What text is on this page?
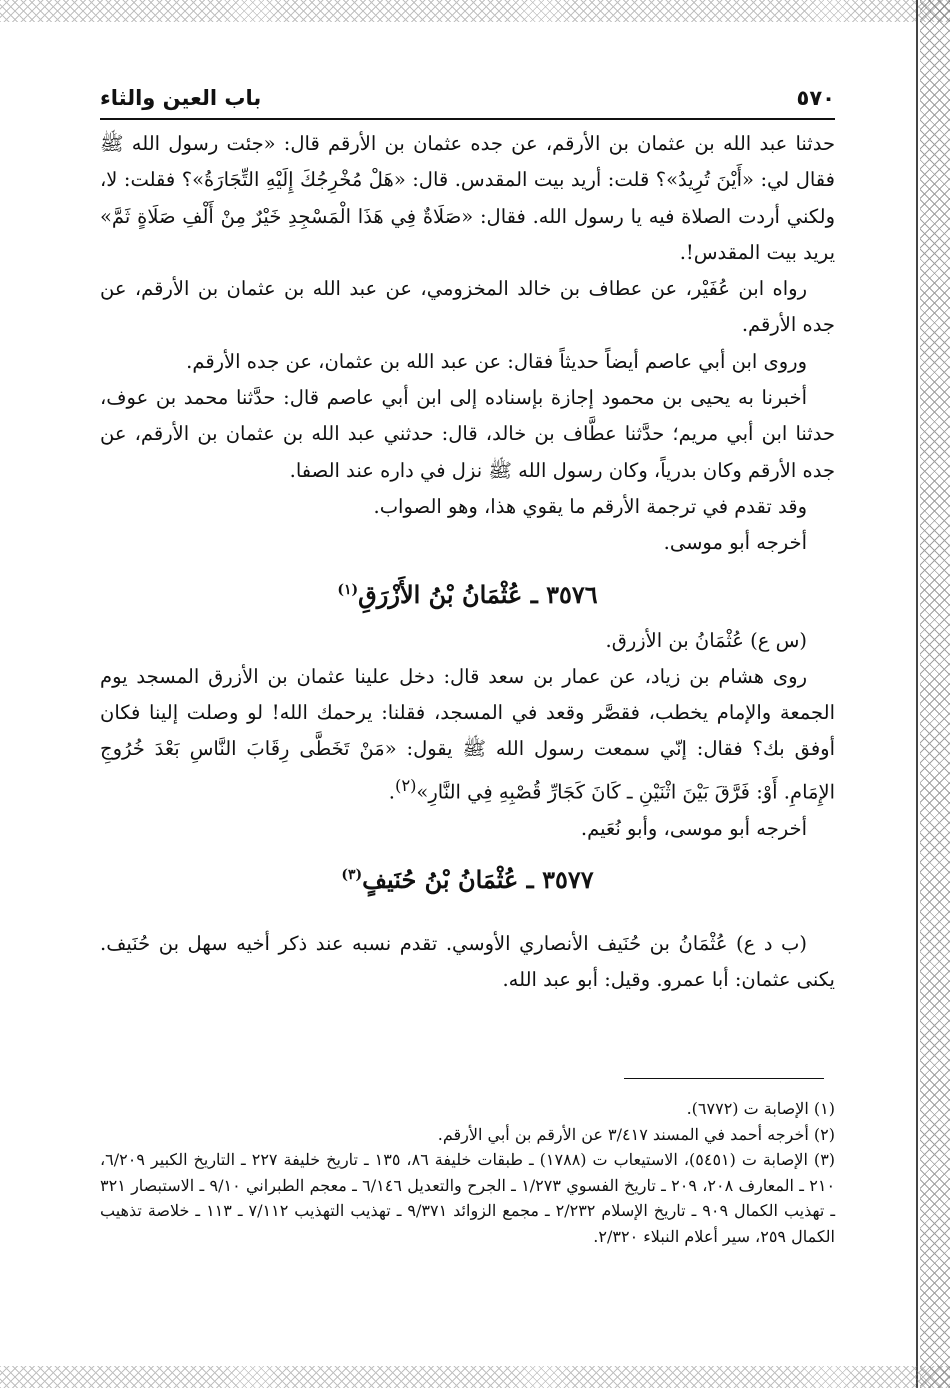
٥٧٠
باب العين والثاء

حدثنا عبد الله بن عثمان بن الأرقم، عن جده عثمان بن الأرقم قال: «جئت رسول الله ﷺ فقال لي: «أَيْنَ تُرِيدُ»؟ قلت: أريد بيت المقدس. قال: «هَلْ مُخْرِجُكَ إِلَيْهِ التِّجَارَةُ»؟ فقلت: لا، ولكني أردت الصلاة فيه يا رسول الله. فقال: «صَلَاةٌ فِي هَذَا الْمَسْجِدِ خَيْرٌ مِنْ أَلْفِ صَلَاةٍ ثَمَّ» يريد بيت المقدس!.

رواه ابن عُفَيْر، عن عطاف بن خالد المخزومي، عن عبد الله بن عثمان بن الأرقم، عن جده الأرقم.

وروى ابن أبي عاصم أيضاً حديثاً فقال: عن عبد الله بن عثمان، عن جده الأرقم.

أخبرنا به يحيى بن محمود إجازة بإسناده إلى ابن أبي عاصم قال: حدَّثنا محمد بن عوف، حدثنا ابن أبي مريم؛ حدَّثنا عطَّاف بن خالد، قال: حدثني عبد الله بن عثمان بن الأرقم، عن جده الأرقم وكان بدرياً، وكان رسول الله ﷺ نزل في داره عند الصفا.

وقد تقدم في ترجمة الأرقم ما يقوي هذا، وهو الصواب.

أخرجه أبو موسى.

٣٥٧٦ ـ عُثْمَانُ بْنُ الأَزْرَقِ$^{(١)}$

(س ع) عُثْمَانُ بن الأزرق.

روى هشام بن زياد، عن عمار بن سعد قال: دخل علينا عثمان بن الأزرق المسجد يوم الجمعة والإمام يخطب، فقصَّر وقعد في المسجد، فقلنا: يرحمك الله! لو وصلت إلينا فكان أوفق بك؟ فقال: إنّي سمعت رسول الله ﷺ يقول: «مَنْ تَخَطَّى رِقَابَ النَّاسِ بَعْدَ خُرُوجِ الإِمَامِ. أَوْ: فَرَّقَ بَيْنَ اثْنَيْنِ ـ كَانَ كَجَارِّ قُصْبِهِ فِي النَّارِ»$^{(٢)}$.

أخرجه أبو موسى، وأبو نُعَيم.

٣٥٧٧ ـ عُثْمَانُ بْنُ حُنَيفٍ$^{(٣)}$

(ب د ع) عُثْمَانُ بن حُنَيف الأنصاري الأوسي. تقدم نسبه عند ذكر أخيه سهل بن حُنَيف. يكنى عثمان: أبا عمرو. وقيل: أبو عبد الله.

(١) الإصابة ت (٦٧٧٢).

(٢) أخرجه أحمد في المسند ٣/٤١٧ عن الأرقم بن أبي الأرقم.

(٣) الإصابة ت (٥٤٥١)، الاستيعاب ت (١٧٨٨) ـ طبقات خليفة ٨٦، ١٣٥ ـ تاريخ خليفة ٢٢٧ ـ التاريخ الكبير ٦/٢٠٩، ٢١٠ ـ المعارف ٢٠٨، ٢٠٩ ـ تاريخ الفسوي ١/٢٧٣ ـ الجرح والتعديل ٦/١٤٦ ـ معجم الطبراني ٩/١٠ ـ الاستبصار ٣٢١ ـ تهذيب الكمال ٩٠٩ ـ تاريخ الإسلام ٢/٢٣٢ ـ مجمع الزوائد ٩/٣٧١ ـ تهذيب التهذيب ٧/١١٢ ـ ١١٣ ـ خلاصة تذهيب الكمال ٢٥٩، سير أعلام النبلاء ٢/٣٢٠.
